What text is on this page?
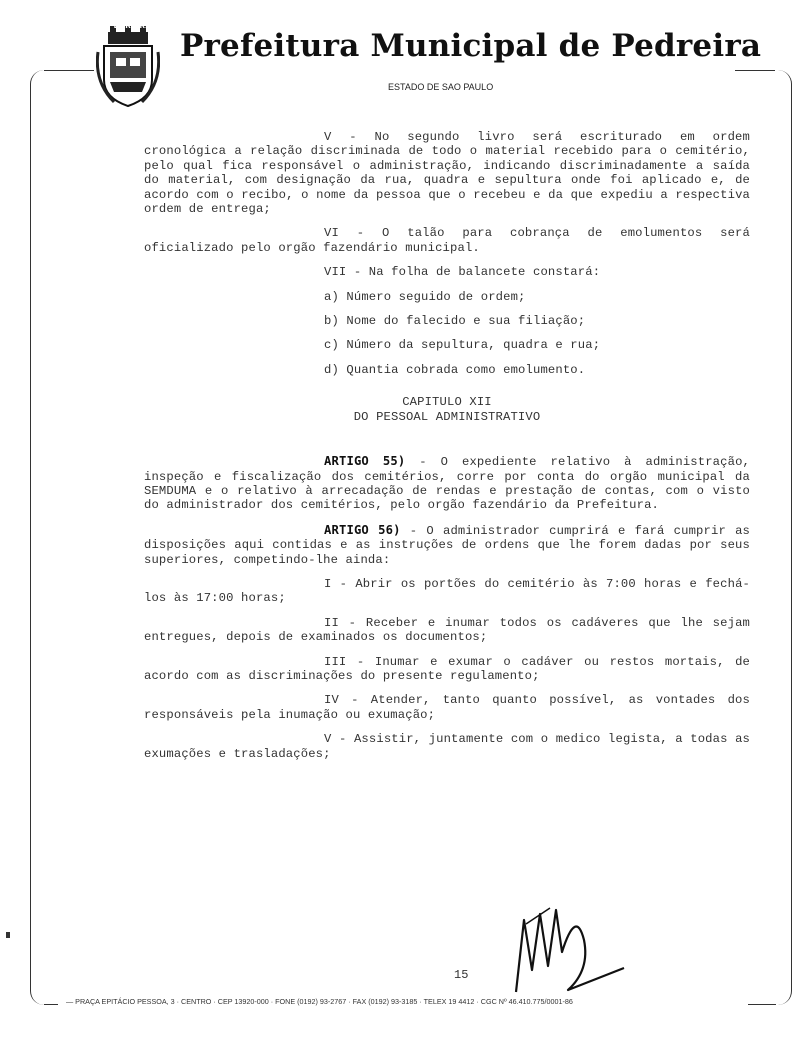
PEDREIRA
Prefeitura Municipal de Pedreira
ESTADO DE SAO PAULO

V - No segundo livro será escriturado em ordem cronológica a relação discriminada de todo o material recebido para o cemitério, pelo qual fica responsável o administração, indicando discriminadamente a saída do material, com designação da rua, quadra e sepultura onde foi aplicado e, de acordo com o recibo, o nome da pessoa que o recebeu e da que expediu a respectiva ordem de entrega;

VI - O talão para cobrança de emolumentos será oficializado pelo orgão fazendário municipal.

VII - Na folha de balancete constará:

a) Número seguido de ordem;

b) Nome do falecido e sua filiação;

c) Número da sepultura, quadra e rua;

d) Quantia cobrada como emolumento.

CAPITULO XII

DO PESSOAL ADMINISTRATIVO

ARTIGO 55) - O expediente relativo à administração, inspeção e fiscalização dos cemitérios, corre por conta do orgão municipal da SEMDUMA e o relativo à arrecadação de rendas e prestação de contas, com o visto do administrador dos cemitérios, pelo orgão fazendário da Prefeitura.

ARTIGO 56) - O administrador cumprirá e fará cumprir as disposições aqui contidas e as instruções de ordens que lhe forem dadas por seus superiores, competindo-lhe ainda:

I - Abrir os portões do cemitério às 7:00 horas e fechá-los às 17:00 horas;

II - Receber e inumar todos os cadáveres que lhe sejam entregues, depois de examinados os documentos;

III - Inumar e exumar o cadáver ou restos mortais, de acordo com as discriminações do presente regulamento;

IV - Atender, tanto quanto possível, as vontades dos responsáveis pela inumação ou exumação;

V - Assistir, juntamente com o medico legista, a todas as exumações e trasladações;

15
— PRAÇA EPITÁCIO PESSOA, 3 · CENTRO · CEP 13920-000 · FONE (0192) 93-2767 · FAX (0192) 93-3185 · TELEX 19 4412 · CGC Nº 46.410.775/0001-86
